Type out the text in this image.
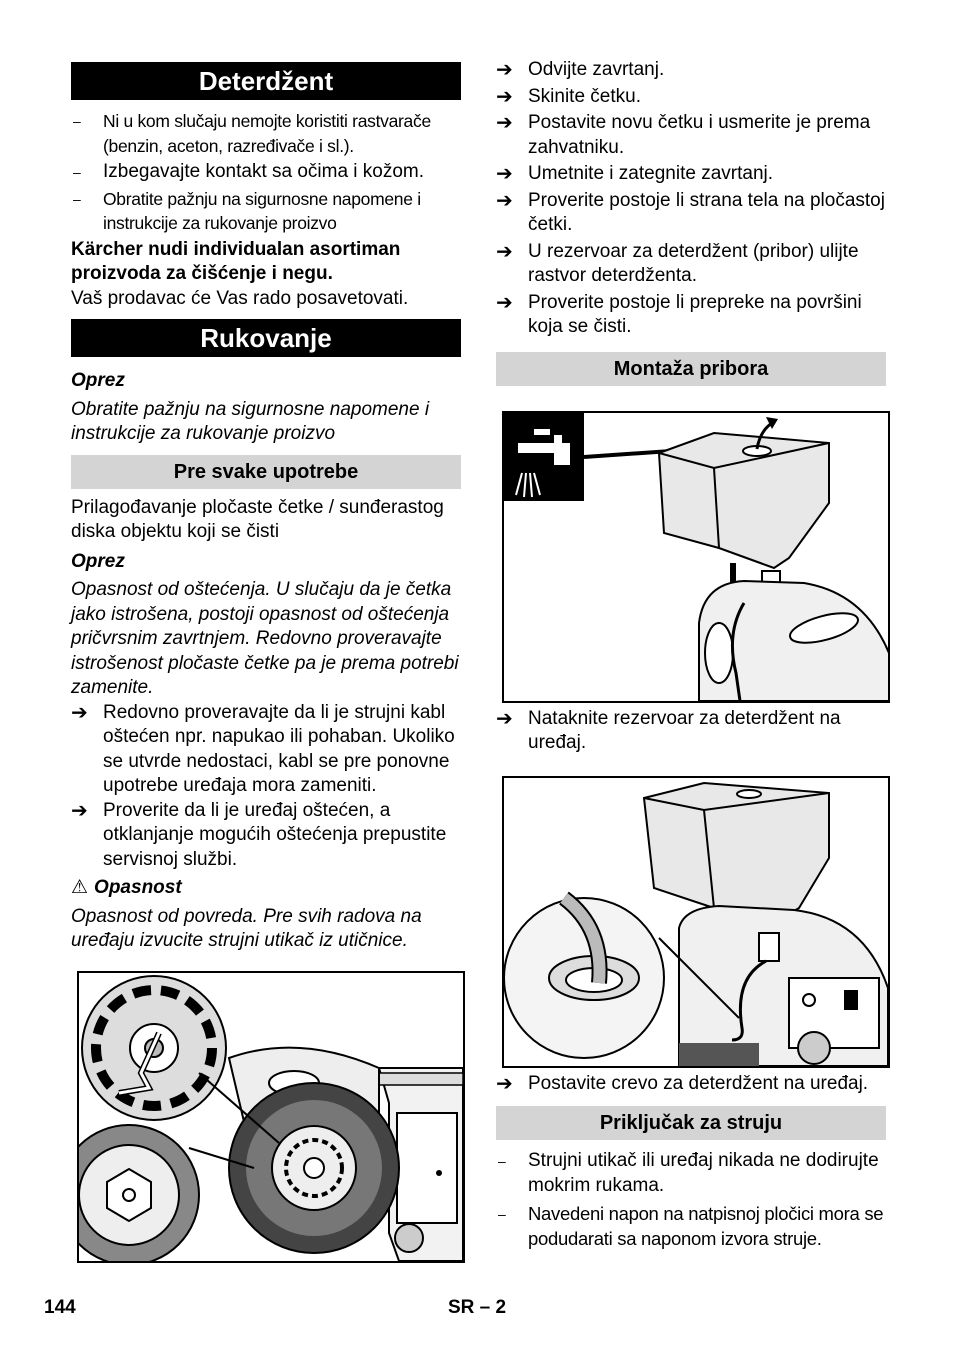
Deterdžent
–	Ni u kom slučaju nemojte koristiti rastvarače (benzin, aceton, razređivače i sl.).
–	Izbegavajte kontakt sa očima i kožom.
–	Obratite pažnju na sigurnosne napomene i instrukcije za rukovanje proizvo

Kärcher nudi individualan asortiman proizvoda za čišćenje i negu.

Vaš prodavac će Vas rado posavetovati.

Rukovanje

Oprez

Obratite pažnju na sigurnosne napomene i instrukcije za rukovanje proizvo

Pre svake upotrebe

Prilagođavanje pločaste četke / sunđerastog diska objektu koji se čisti

Oprez

Opasnost od oštećenja. U slučaju da je četka jako istrošena, postoji opasnost od oštećenja pričvrsnim zavrtnjem. Redovno proveravajte istrošenost pločaste četke pa je prema potrebi zamenite.

➔ Redovno proveravajte da li je strujni kabl oštećen npr. napukao ili pohaban. Ukoliko se utvrde nedostaci, kabl se pre ponovne upotrebe uređaja mora zameniti.
➔ Proverite da li je uređaj oštećen, a otklanjanje mogućih oštećenja prepustite servisnoj službi.

⚠ Opasnost

Opasnost od povreda. Pre svih radova na uređaju izvucite strujni utikač iz utičnice.

➔ Odvijte zavrtanj.
➔ Skinite četku.
➔ Postavite novu četku i usmerite je prema zahvatniku.
➔ Umetnite i zategnite zavrtanj.
➔ Proverite postoje li strana tela na pločastoj četki.
➔ U rezervoar za deterdžent (pribor) ulijte rastvor deterdženta.
➔ Proverite postoje li prepreke na površini koja se čisti.
Montaža pribora
➔ Nataknite rezervoar za deterdžent na uređaj.
➔ Postavite crevo za deterdžent na uređaj.
Priključak za struju
–	Strujni utikač ili uređaj nikada ne dodirujte mokrim rukama.
–	Navedeni napon na natpisnoj pločici mora se podudarati sa naponom izvora struje.
144	SR – 2
